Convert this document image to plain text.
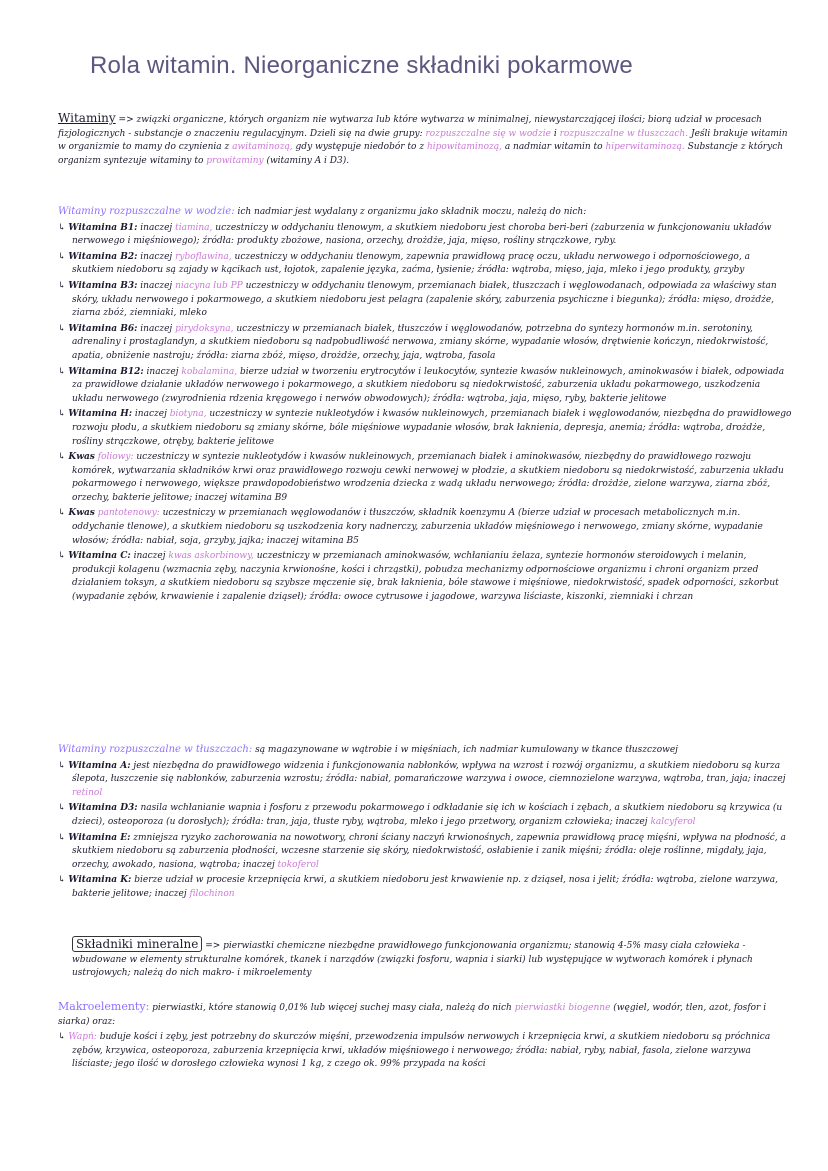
Rola witamin. Nieorganiczne składniki pokarmowe

Witaminy => związki organiczne, których organizm nie wytwarza lub które wytwarza w minimalnej, niewystarczającej ilości; biorą udział w procesach fizjologicznych - substancje o znaczeniu regulacyjnym. Dzieli się na dwie grupy: rozpuszczalne się w wodzie i rozpuszczalne w tłuszczach. Jeśli brakuje witamin w organizmie to mamy do czynienia z awitaminozą, gdy występuje niedobór to z hipowitaminozą, a nadmiar witamin to hiperwitaminozą. Substancje z których organizm syntezuje witaminy to prowitaminy (witaminy A i D3).

Witaminy rozpuszczalne w wodzie: ich nadmiar jest wydalany z organizmu jako składnik moczu, należą do nich:

↳ Witamina B1: inaczej tiamina, uczestniczy w oddychaniu tlenowym, a skutkiem niedoboru jest choroba beri-beri (zaburzenia w funkcjonowaniu układów nerwowego i mięśniowego); źródła: produkty zbożowe, nasiona, orzechy, drożdże, jaja, mięso, rośliny strączkowe, ryby.

↳ Witamina B2: inaczej ryboflawina, uczestniczy w oddychaniu tlenowym, zapewnia prawidłową pracę oczu, układu nerwowego i odpornościowego, a skutkiem niedoboru są zajady w kącikach ust, łojotok, zapalenie języka, zaćma, łysienie; źródła: wątroba, mięso, jaja, mleko i jego produkty, grzyby

↳ Witamina B3: inaczej niacyna lub PP uczestniczy w oddychaniu tlenowym, przemianach białek, tłuszczach i węglowodanach, odpowiada za właściwy stan skóry, układu nerwowego i pokarmowego, a skutkiem niedoboru jest pelagra (zapalenie skóry, zaburzenia psychiczne i biegunka); źródła: mięso, drożdże, ziarna zbóż, ziemniaki, mleko

↳ Witamina B6: inaczej pirydoksyna, uczestniczy w przemianach białek, tłuszczów i węglowodanów, potrzebna do syntezy hormonów m.in. serotoniny, adrenaliny i prostaglandyn, a skutkiem niedoboru są nadpobudliwość nerwowa, zmiany skórne, wypadanie włosów, drętwienie kończyn, niedokrwistość, apatia, obniżenie nastroju; źródła: ziarna zbóż, mięso, drożdże, orzechy, jaja, wątroba, fasola

↳ Witamina B12: inaczej kobalamina, bierze udział w tworzeniu erytrocytów i leukocytów, syntezie kwasów nukleinowych, aminokwasów i białek, odpowiada za prawidłowe działanie układów nerwowego i pokarmowego, a skutkiem niedoboru są niedokrwistość, zaburzenia układu pokarmowego, uszkodzenia układu nerwowego (zwyrodnienia rdzenia kręgowego i nerwów obwodowych); źródła: wątroba, jaja, mięso, ryby, bakterie jelitowe

↳ Witamina H: inaczej biotyna, uczestniczy w syntezie nukleotydów i kwasów nukleinowych, przemianach białek i węglowodanów, niezbędna do prawidłowego rozwoju płodu, a skutkiem niedoboru są zmiany skórne, bóle mięśniowe wypadanie włosów, brak łaknienia, depresja, anemia; źródła: wątroba, drożdże, rośliny strączkowe, otręby, bakterie jelitowe

↳ Kwas foliowy: uczestniczy w syntezie nukleotydów i kwasów nukleinowych, przemianach białek i aminokwasów, niezbędny do prawidłowego rozwoju komórek, wytwarzania składników krwi oraz prawidłowego rozwoju cewki nerwowej w płodzie, a skutkiem niedoboru są niedokrwistość, zaburzenia układu pokarmowego i nerwowego, większe prawdopodobieństwo wrodzenia dziecka z wadą układu nerwowego; źródła: drożdże, zielone warzywa, ziarna zbóż, orzechy, bakterie jelitowe; inaczej witamina B9

↳ Kwas pantotenowy: uczestniczy w przemianach węglowodanów i tłuszczów, składnik koenzymu A (bierze udział w procesach metabolicznych m.in. oddychanie tlenowe), a skutkiem niedoboru są uszkodzenia kory nadnerczy, zaburzenia układów mięśniowego i nerwowego, zmiany skórne, wypadanie włosów; źródła: nabiał, soja, grzyby, jajka; inaczej witamina B5

↳ Witamina C: inaczej kwas askorbinowy, uczestniczy w przemianach aminokwasów, wchłanianiu żelaza, syntezie hormonów steroidowych i melanin, produkcji kolagenu (wzmacnia zęby, naczynia krwionośne, kości i chrząstki), pobudza mechanizmy odpornościowe organizmu i chroni organizm przed działaniem toksyn, a skutkiem niedoboru są szybsze męczenie się, brak łaknienia, bóle stawowe i mięśniowe, niedokrwistość, spadek odporności, szkorbut (wypadanie zębów, krwawienie i zapalenie dziąseł); źródła: owoce cytrusowe i jagodowe, warzywa liściaste, kiszonki, ziemniaki i chrzan

Witaminy rozpuszczalne w tłuszczach: są magazynowane w wątrobie i w mięśniach, ich nadmiar kumulowany w tkance tłuszczowej

↳ Witamina A: jest niezbędna do prawidłowego widzenia i funkcjonowania nabłonków, wpływa na wzrost i rozwój organizmu, a skutkiem niedoboru są kurza ślepota, łuszczenie się nabłonków, zaburzenia wzrostu; źródła: nabiał, pomarańczowe warzywa i owoce, ciemnozielone warzywa, wątroba, tran, jaja; inaczej retinol

↳ Witamina D3: nasila wchłanianie wapnia i fosforu z przewodu pokarmowego i odkładanie się ich w kościach i zębach, a skutkiem niedoboru są krzywica (u dzieci), osteoporoza (u dorosłych); źródła: tran, jaja, tłuste ryby, wątroba, mleko i jego przetwory, organizm człowieka; inaczej kalcyferol

↳ Witamina E: zmniejsza ryzyko zachorowania na nowotwory, chroni ściany naczyń krwionośnych, zapewnia prawidłową pracę mięśni, wpływa na płodność, a skutkiem niedoboru są zaburzenia płodności, wczesne starzenie się skóry, niedokrwistość, osłabienie i zanik mięśni; źródła: oleje roślinne, migdały, jaja, orzechy, awokado, nasiona, wątroba; inaczej tokoferol

↳ Witamina K: bierze udział w procesie krzepnięcia krwi, a skutkiem niedoboru jest krwawienie np. z dziąseł, nosa i jelit; źródła: wątroba, zielone warzywa, bakterie jelitowe; inaczej filochinon

Składniki mineralne => pierwiastki chemiczne niezbędne prawidłowego funkcjonowania organizmu; stanowią 4-5% masy ciała człowieka - wbudowane w elementy strukturalne komórek, tkanek i narządów (związki fosforu, wapnia i siarki) lub występujące w wytworach komórek i płynach ustrojowych; należą do nich makro- i mikroelementy

Makroelementy: pierwiastki, które stanowią 0,01% lub więcej suchej masy ciała, należą do nich pierwiastki biogenne (węgiel, wodór, tlen, azot, fosfor i siarka) oraz:

↳ Wapń: buduje kości i zęby, jest potrzebny do skurczów mięśni, przewodzenia impulsów nerwowych i krzepnięcia krwi, a skutkiem niedoboru są próchnica zębów, krzywica, osteoporoza, zaburzenia krzepnięcia krwi, układów mięśniowego i nerwowego; źródła: nabiał, ryby, nabiał, fasola, zielone warzywa liściaste; jego ilość w dorosłego człowieka wynosi 1 kg, z czego ok. 99% przypada na kości
